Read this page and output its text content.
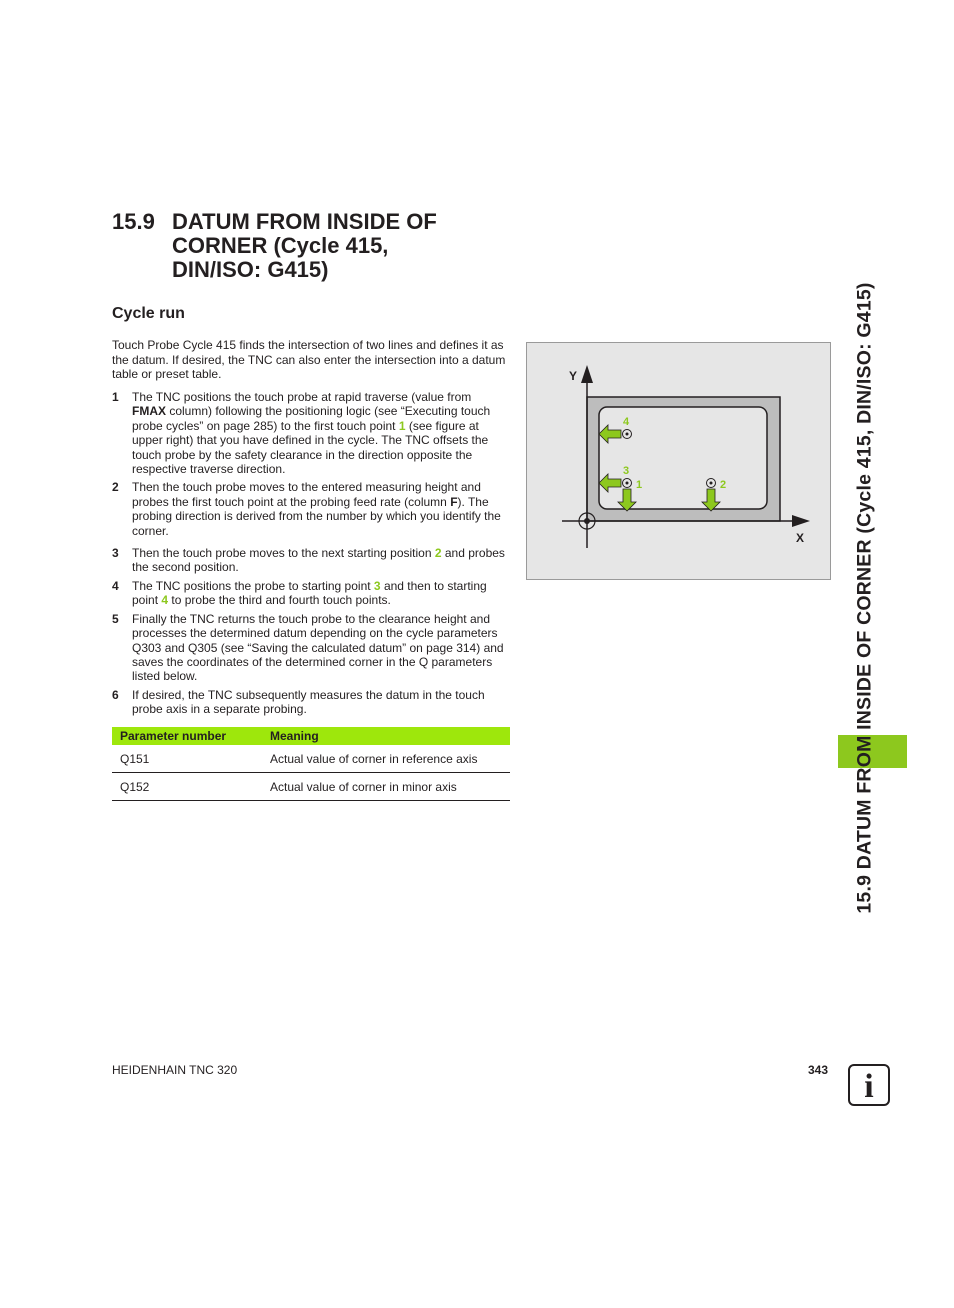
15.9 DATUM FROM INSIDE OF
CORNER (Cycle 415,
DIN/ISO: G415)
Cycle run
Touch Probe Cycle 415 finds the intersection of two lines and defines it as the datum. If desired, the TNC can also enter the intersection into a datum table or preset table.
1 The TNC positions the touch probe at rapid traverse (value from FMAX column) following the positioning logic (see “Executing touch probe cycles” on page 285) to the first touch point 1 (see figure at upper right) that you have defined in the cycle. The TNC offsets the touch probe by the safety clearance in the direction opposite the respective traverse direction.
2 Then the touch probe moves to the entered measuring height and probes the first touch point at the probing feed rate (column F). The probing direction is derived from the number by which you identify the corner.
3 Then the touch probe moves to the next starting position 2 and probes the second position.
4 The TNC positions the probe to starting point 3 and then to starting point 4 to probe the third and fourth touch points.
5 Finally the TNC returns the touch probe to the clearance height and processes the determined datum depending on the cycle parameters Q303 and Q305 (see “Saving the calculated datum” on page 314) and saves the coordinates of the determined corner in the Q parameters listed below.
6 If desired, the TNC subsequently measures the datum in the touch probe axis in a separate probing.
Parameter number	Meaning
Q151	Actual value of corner in reference axis
Q152	Actual value of corner in minor axis
Y
X
4
3
1	2	15.9 DATUM FROM INSIDE OF CORNER (Cycle 415, DIN/ISO: G415)
HEIDENHAIN TNC 320	343	i
